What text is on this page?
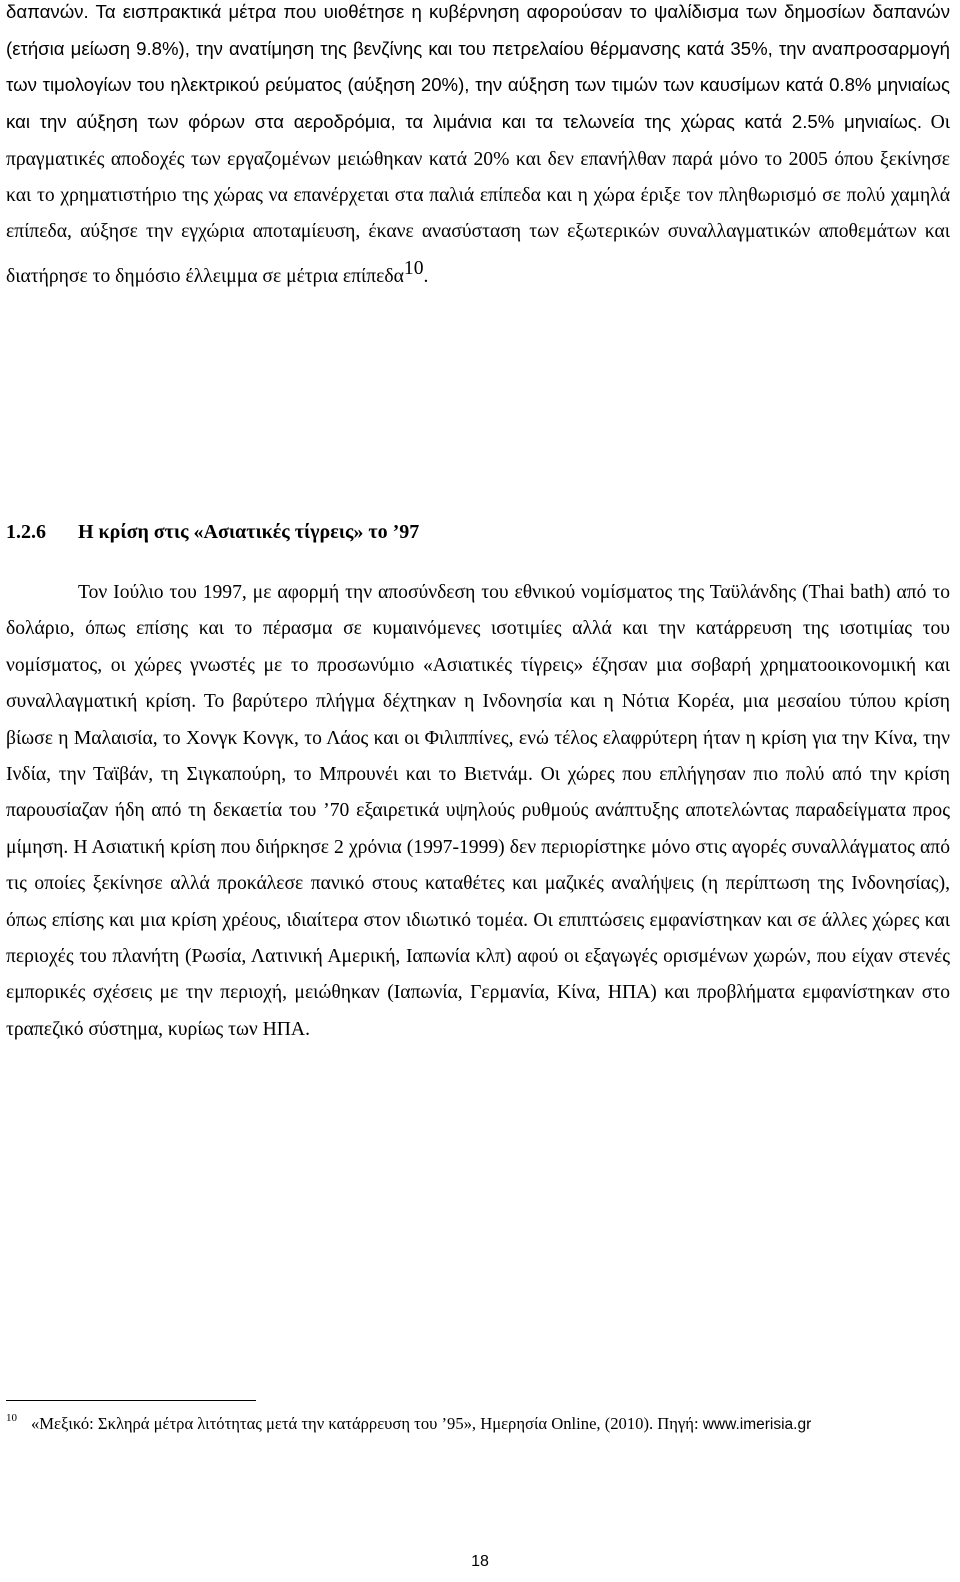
δαπανών. Τα εισπρακτικά μέτρα που υιοθέτησε η κυβέρνηση αφορούσαν το ψαλίδισμα των δημοσίων δαπανών (ετήσια μείωση 9.8%), την ανατίμηση της βενζίνης και του πετρελαίου θέρμανσης κατά 35%, την αναπροσαρμογή των τιμολογίων του ηλεκτρικού ρεύματος (αύξηση 20%), την αύξηση των τιμών των καυσίμων κατά 0.8% μηνιαίως και την αύξηση των φόρων στα αεροδρόμια, τα λιμάνια και τα τελωνεία της χώρας κατά 2.5% μηνιαίως. Οι πραγματικές αποδοχές των εργαζομένων μειώθηκαν κατά 20% και δεν επανήλθαν παρά μόνο το 2005 όπου ξεκίνησε και το χρηματιστήριο της χώρας να επανέρχεται στα παλιά επίπεδα και η χώρα έριξε τον πληθωρισμό σε πολύ χαμηλά επίπεδα, αύξησε την εγχώρια αποταμίευση, έκανε ανασύσταση των εξωτερικών συναλλαγματικών αποθεμάτων και διατήρησε το δημόσιο έλλειμμα σε μέτρια επίπεδα$^{10}$.

1.2.6 Η κρίση στις «Ασιατικές τίγρεις» το ’97

Τον Ιούλιο του 1997, με αφορμή την αποσύνδεση του εθνικού νομίσματος της Ταϋλάνδης (Thai bath) από το δολάριο, όπως επίσης και το πέρασμα σε κυμαινόμενες ισοτιμίες αλλά και την κατάρρευση της ισοτιμίας του νομίσματος, οι χώρες γνωστές με το προσωνύμιο «Ασιατικές τίγρεις» έζησαν μια σοβαρή χρηματοοικονομική και συναλλαγματική κρίση. Το βαρύτερο πλήγμα δέχτηκαν η Ινδονησία και η Νότια Κορέα, μια μεσαίου τύπου κρίση βίωσε η Μαλαισία, το Χονγκ Κονγκ, το Λάος και οι Φιλιππίνες, ενώ τέλος ελαφρύτερη ήταν η κρίση για την Κίνα, την Ινδία, την Ταϊβάν, τη Σιγκαπούρη, το Μπρουνέι και το Βιετνάμ. Οι χώρες που επλήγησαν πιο πολύ από την κρίση παρουσίαζαν ήδη από τη δεκαετία του ’70 εξαιρετικά υψηλούς ρυθμούς ανάπτυξης αποτελώντας παραδείγματα προς μίμηση. Η Ασιατική κρίση που διήρκησε 2 χρόνια (1997-1999) δεν περιορίστηκε μόνο στις αγορές συναλλάγματος από τις οποίες ξεκίνησε αλλά προκάλεσε πανικό στους καταθέτες και μαζικές αναλήψεις (η περίπτωση της Ινδονησίας), όπως επίσης και μια κρίση χρέους, ιδιαίτερα στον ιδιωτικό τομέα. Οι επιπτώσεις εμφανίστηκαν και σε άλλες χώρες και περιοχές του πλανήτη (Ρωσία, Λατινική Αμερική, Ιαπωνία κλπ) αφού οι εξαγωγές ορισμένων χωρών, που είχαν στενές εμπορικές σχέσεις με την περιοχή, μειώθηκαν (Ιαπωνία, Γερμανία, Κίνα, ΗΠΑ) και προβλήματα εμφανίστηκαν στο τραπεζικό σύστημα, κυρίως των ΗΠΑ.

$^{10}$ «Μεξικό: Σκληρά μέτρα λιτότητας μετά την κατάρρευση του ’95», Ημερησία Online, (2010). Πηγή: www.imerisia.gr

18
